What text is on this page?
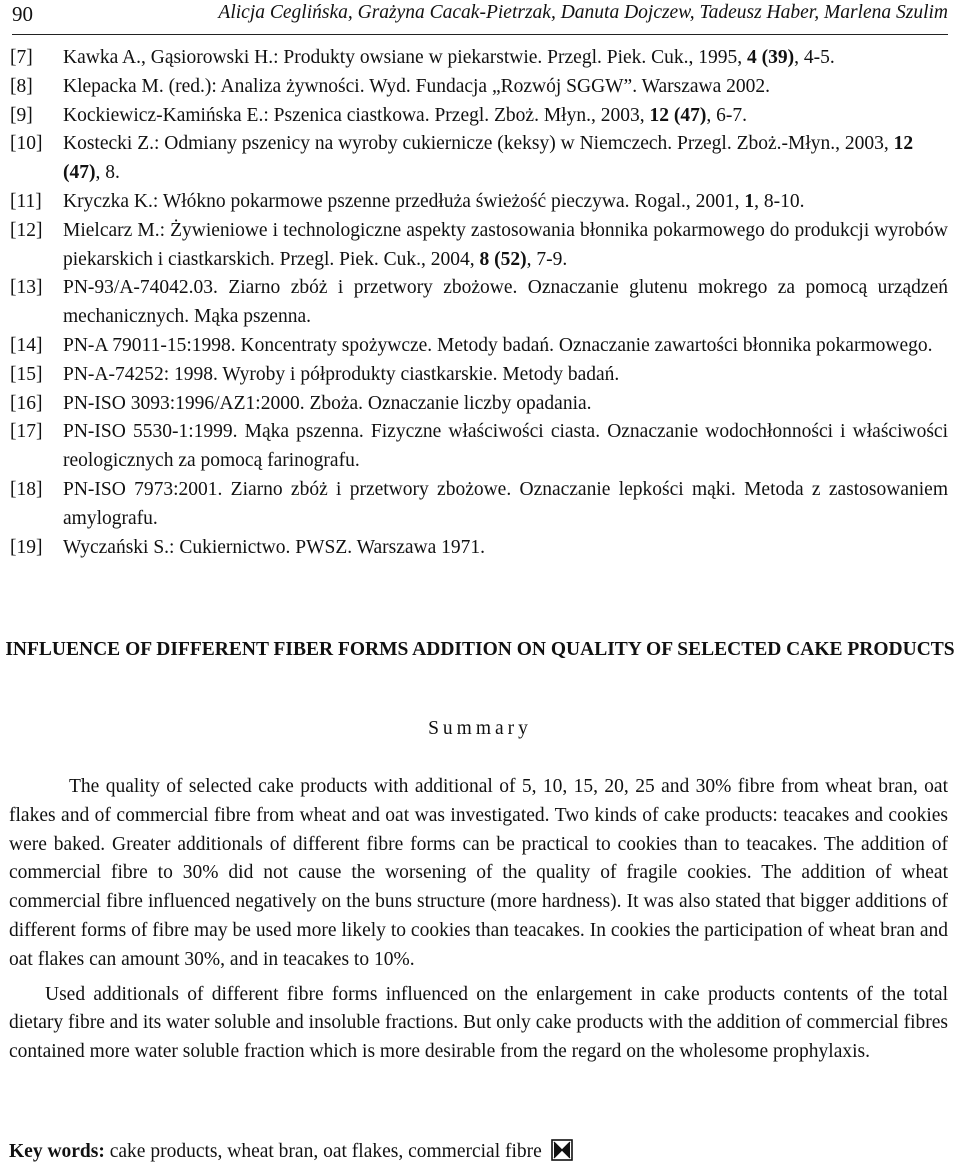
90	Alicja Ceglińska, Grażyna Cacak-Pietrzak, Danuta Dojczew, Tadeusz Haber, Marlena Szulim
[7]	Kawka A., Gąsiorowski H.: Produkty owsiane w piekarstwie. Przegl. Piek. Cuk., 1995, 4 (39), 4-5.
[8]	Klepacka M. (red.): Analiza żywności. Wyd. Fundacja „Rozwój SGGW”. Warszawa 2002.
[9]	Kockiewicz-Kamińska E.: Pszenica ciastkowa. Przegl. Zboż. Młyn., 2003, 12 (47), 6-7.
[10]	Kostecki Z.: Odmiany pszenicy na wyroby cukiernicze (keksy) w Niemczech. Przegl. Zboż.-Młyn., 2003, 12 (47), 8.
[11]	Kryczka K.: Włókno pokarmowe pszenne przedłuża świeżość pieczywa. Rogal., 2001, 1, 8-10.
[12]	Mielcarz M.: Żywieniowe i technologiczne aspekty zastosowania błonnika pokarmowego do produkcji wyrobów piekarskich i ciastkarskich. Przegl. Piek. Cuk., 2004, 8 (52), 7-9.
[13]	PN-93/A-74042.03. Ziarno zbóż i przetwory zbożowe. Oznaczanie glutenu mokrego za pomocą urządzeń mechanicznych. Mąka pszenna.
[14]	PN-A 79011-15:1998. Koncentraty spożywcze. Metody badań. Oznaczanie zawartości błonnika pokarmowego.
[15]	PN-A-74252: 1998. Wyroby i półprodukty ciastkarskie. Metody badań.
[16]	PN-ISO 3093:1996/AZ1:2000. Zboża. Oznaczanie liczby opadania.
[17]	PN-ISO 5530-1:1999. Mąka pszenna. Fizyczne właściwości ciasta. Oznaczanie wodochłonności i właściwości reologicznych za pomocą farinografu.
[18]	PN-ISO 7973:2001. Ziarno zbóż i przetwory zbożowe. Oznaczanie lepkości mąki. Metoda z zastosowaniem amylografu.
[19]	Wyczański S.: Cukiernictwo. PWSZ. Warszawa 1971.
INFLUENCE OF DIFFERENT FIBER FORMS ADDITION ON QUALITY OF SELECTED CAKE PRODUCTS
Summary

The quality of selected cake products with additional of 5, 10, 15, 20, 25 and 30% fibre from wheat bran, oat flakes and of commercial fibre from wheat and oat was investigated. Two kinds of cake products: teacakes and cookies were baked. Greater additionals of different fibre forms can be practical to cookies than to teacakes. The addition of commercial fibre to 30% did not cause the worsening of the quality of fragile cookies. The addition of wheat commercial fibre influenced negatively on the buns structure (more hardness). It was also stated that bigger additions of different forms of fibre may be used more likely to cookies than teacakes. In cookies the participation of wheat bran and oat flakes can amount 30%, and in teacakes to 10%.

Used additionals of different fibre forms influenced on the enlargement in cake products contents of the total dietary fibre and its water soluble and insoluble fractions. But only cake products with the addition of commercial fibres contained more water soluble fraction which is more desirable from the regard on the wholesome prophylaxis.

Key words: cake products, wheat bran, oat flakes, commercial fibre
